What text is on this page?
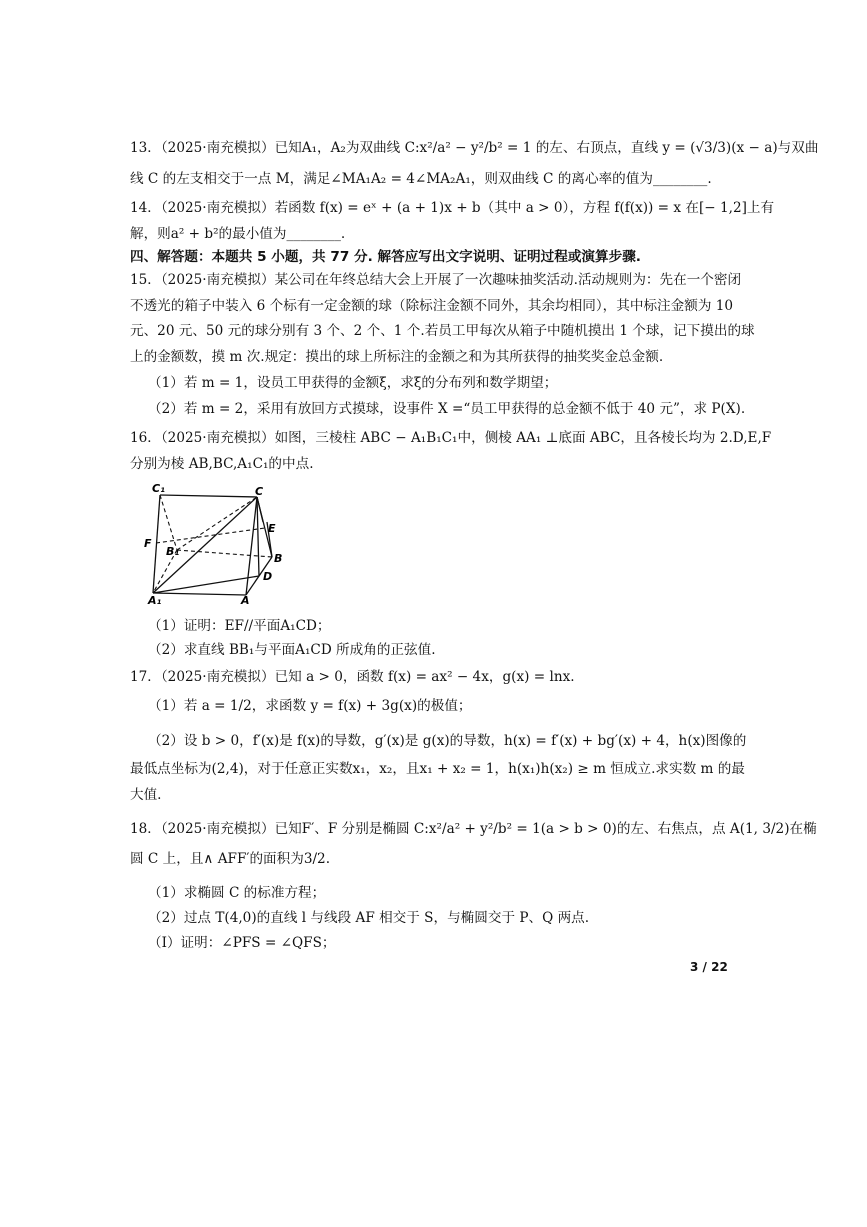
13．（2025·南充模拟）已知A₁，A₂为双曲线 C:x²/a² − y²/b² = 1 的左、右顶点，直线 y = (√3/3)(x − a)与双曲
线 C 的左支相交于一点 M，满足∠MA₁A₂ = 4∠MA₂A₁，则双曲线 C 的离心率的值为________.
14．（2025·南充模拟）若函数 f(x) = eˣ + (a + 1)x + b（其中 a > 0），方程 f(f(x)) = x 在[− 1,2]上有
解，则a² + b²的最小值为________.
四、解答题：本题共 5 小题，共 77 分. 解答应写出文字说明、证明过程或演算步骤.
15．（2025·南充模拟）某公司在年终总结大会上开展了一次趣味抽奖活动.活动规则为：先在一个密闭
不透光的箱子中装入 6 个标有一定金额的球（除标注金额不同外，其余均相同），其中标注金额为 10
元、20 元、50 元的球分别有 3 个、2 个、1 个.若员工甲每次从箱子中随机摸出 1 个球，记下摸出的球
上的金额数，摸 m 次.规定：摸出的球上所标注的金额之和为其所获得的抽奖奖金总金额.
（1）若 m = 1，设员工甲获得的金额ξ，求ξ的分布列和数学期望；
（2）若 m = 2，采用有放回方式摸球，设事件 X =“员工甲获得的总金额不低于 40 元”，求 P(X).
16．（2025·南充模拟）如图，三棱柱 ABC − A₁B₁C₁中，侧棱 AA₁ ⊥底面 ABC，且各棱长均为 2.D,E,F
分别为棱 AB,BC,A₁C₁的中点.
C₁	C
E
F
B₁
B
D
A₁	A
（1）证明：EF//平面A₁CD；
（2）求直线 BB₁与平面A₁CD 所成角的正弦值.
17．（2025·南充模拟）已知 a > 0，函数 f(x) = ax² − 4x，g(x) = lnx.
（1）若 a = 1/2，求函数 y = f(x) + 3g(x)的极值；
（2）设 b > 0，f′(x)是 f(x)的导数，g′(x)是 g(x)的导数，h(x) = f′(x) + bg′(x) + 4，h(x)图像的
最低点坐标为(2,4)，对于任意正实数x₁，x₂，且x₁ + x₂ = 1，h(x₁)h(x₂) ≥ m 恒成立.求实数 m 的最
大值.
18．（2025·南充模拟）已知F′、F 分别是椭圆 C:x²/a² + y²/b² = 1(a > b > 0)的左、右焦点，点 A(1, 3/2)在椭
圆 C 上，且∧ AFF′的面积为3/2.
（1）求椭圆 C 的标准方程；
（2）过点 T(4,0)的直线 l 与线段 AF 相交于 S，与椭圆交于 P、Q 两点.
（Ⅰ）证明：∠PFS = ∠QFS；
3 / 22
